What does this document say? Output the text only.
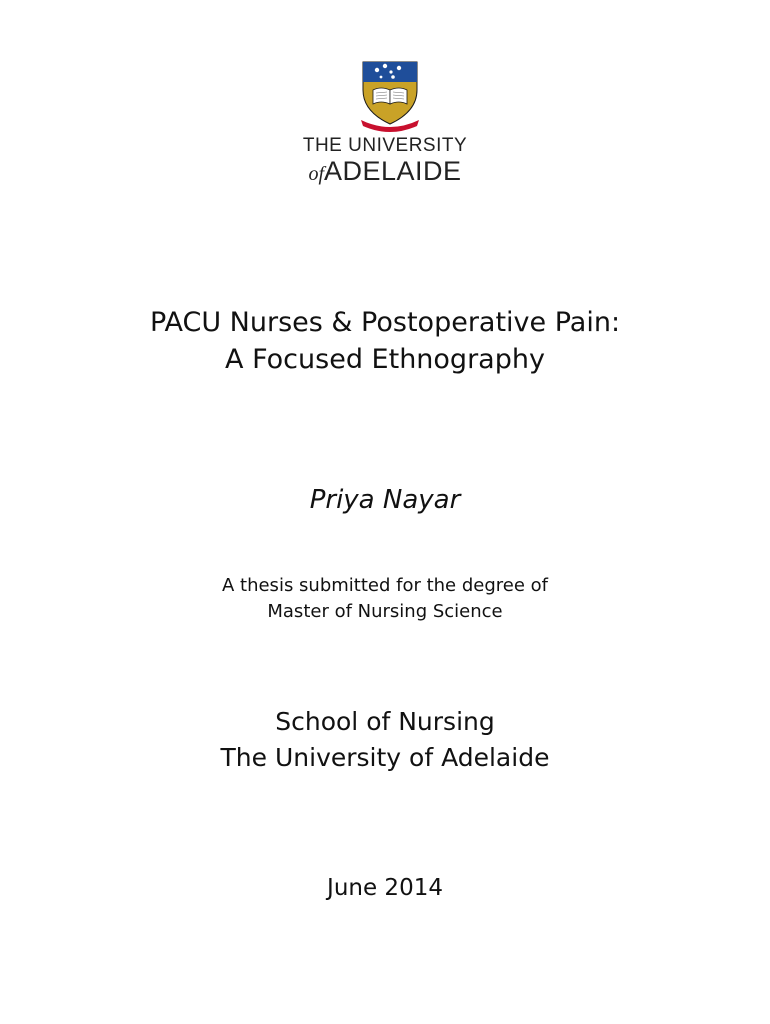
THE UNIVERSITY
ofADELAIDE
PACU Nurses & Postoperative Pain:
A Focused Ethnography
Priya Nayar
A thesis submitted for the degree of
Master of Nursing Science
School of Nursing
The University of Adelaide
June 2014
